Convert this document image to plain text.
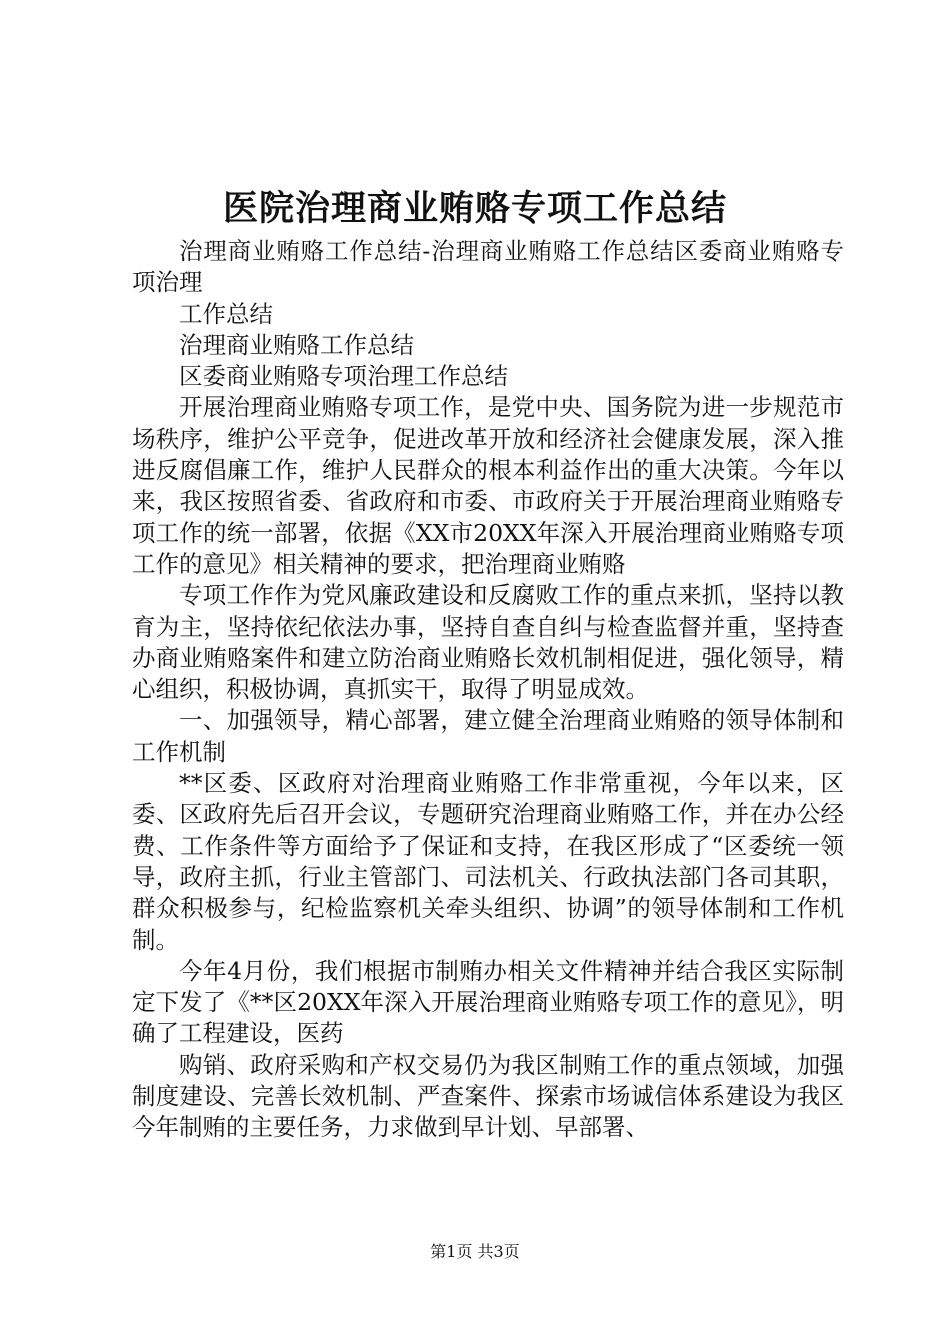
医院治理商业贿赂专项工作总结

治理商业贿赂工作总结-治理商业贿赂工作总结区委商业贿赂专项治理

工作总结

治理商业贿赂工作总结

区委商业贿赂专项治理工作总结

开展治理商业贿赂专项工作，是党中央、国务院为进一步规范市场秩序，维护公平竞争，促进改革开放和经济社会健康发展，深入推进反腐倡廉工作，维护人民群众的根本利益作出的重大决策。今年以来，我区按照省委、省政府和市委、市政府关于开展治理商业贿赂专项工作的统一部署，依据《XX市20XX年深入开展治理商业贿赂专项工作的意见》相关精神的要求，把治理商业贿赂

专项工作作为党风廉政建设和反腐败工作的重点来抓，坚持以教育为主，坚持依纪依法办事，坚持自查自纠与检查监督并重，坚持查办商业贿赂案件和建立防治商业贿赂长效机制相促进，强化领导，精心组织，积极协调，真抓实干，取得了明显成效。

一、加强领导，精心部署，建立健全治理商业贿赂的领导体制和工作机制

**区委、区政府对治理商业贿赂工作非常重视，今年以来，区委、区政府先后召开会议，专题研究治理商业贿赂工作，并在办公经费、工作条件等方面给予了保证和支持，在我区形成了“区委统一领导，政府主抓，行业主管部门、司法机关、行政执法部门各司其职，群众积极参与，纪检监察机关牵头组织、协调”的领导体制和工作机制。

今年4月份，我们根据市制贿办相关文件精神并结合我区实际制定下发了《**区20XX年深入开展治理商业贿赂专项工作的意见》，明确了工程建设，医药

购销、政府采购和产权交易仍为我区制贿工作的重点领域，加强制度建设、完善长效机制、严查案件、探索市场诚信体系建设为我区今年制贿的主要任务，力求做到早计划、早部署、

第1页 共3页
